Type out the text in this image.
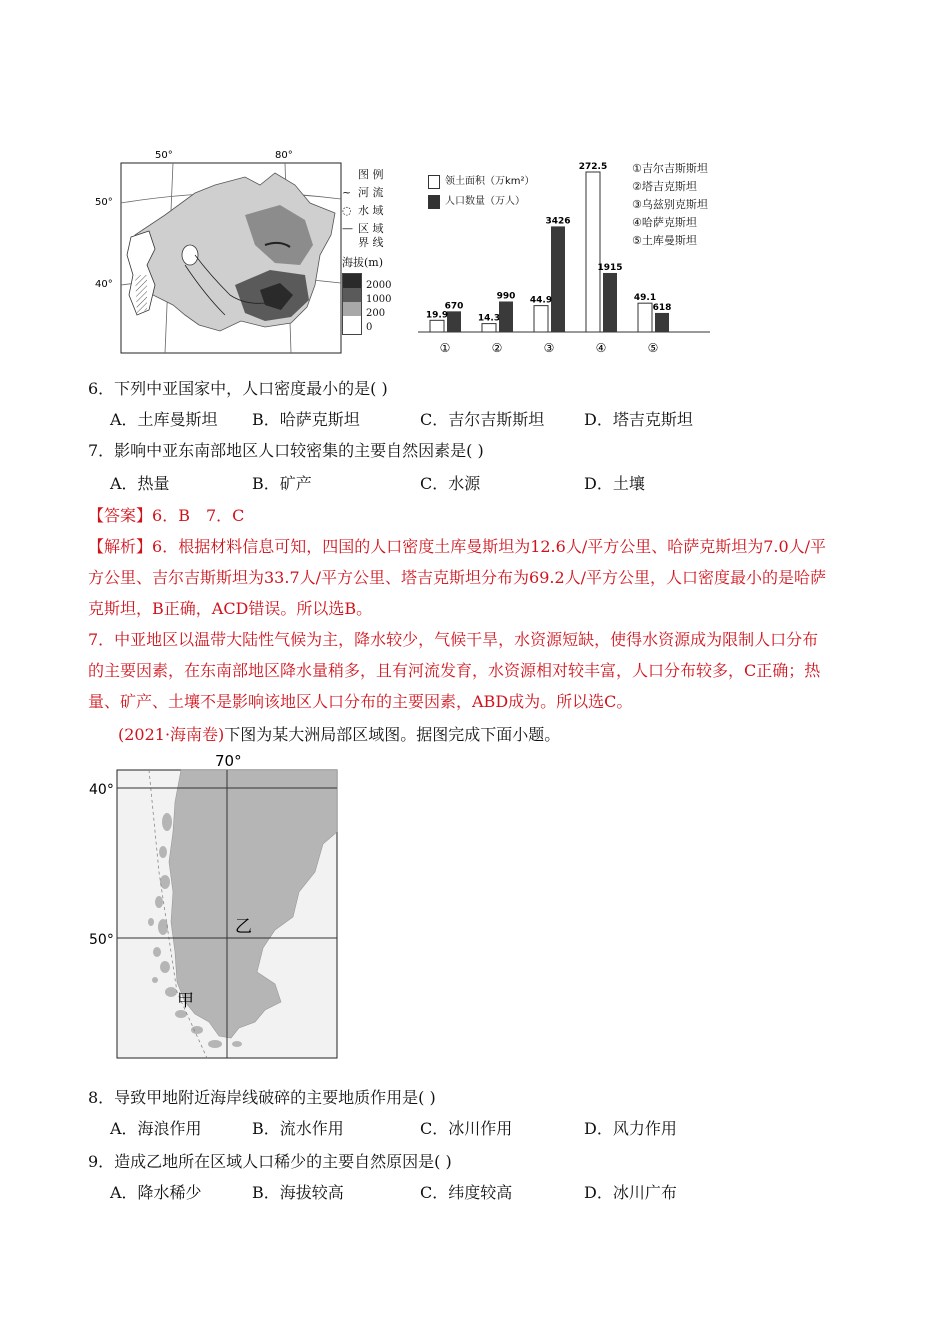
50°	80°
50°
40°
图 例
~ 河 流
◌ 水 域
— 区 域
界 线
海拔(m)
2000
1000
200
0
19.9
670
①
14.3
990
②
44.9
3426
③
272.5
1915
④
49.1
618
⑤
领土面积（万km²）
人口数量（万人）
①吉尔吉斯斯坦
②塔吉克斯坦
③乌兹别克斯坦
④哈萨克斯坦
⑤土库曼斯坦
6．下列中亚国家中，人口密度最小的是( )
A．土库曼斯坦 B．哈萨克斯坦	C．吉尔吉斯斯坦 D．塔吉克斯坦
7．影响中亚东南部地区人口较密集的主要自然因素是( )
A．热量	B．矿产	C．水源	D．土壤
【答案】6．B　7．C
【解析】6．根据材料信息可知，四国的人口密度土库曼斯坦为12.6人/平方公里、哈萨克斯坦为7.0人/平
方公里、吉尔吉斯斯坦为33.7人/平方公里、塔吉克斯坦分布为69.2人/平方公里，人口密度最小的是哈萨
克斯坦，B正确，ACD错误。所以选B。
7．中亚地区以温带大陆性气候为主，降水较少，气候干旱，水资源短缺，使得水资源成为限制人口分布
的主要因素，在东南部地区降水量稍多，且有河流发育，水资源相对较丰富，人口分布较多，C正确；热
量、矿产、土壤不是影响该地区人口分布的主要因素，ABD成为。所以选C。
(2021·海南卷)下图为某大洲局部区域图。据图完成下面小题。
70°
40°
50°
乙
甲
8．导致甲地附近海岸线破碎的主要地质作用是( )
A．海浪作用	B．流水作用	C．冰川作用	D．风力作用
9．造成乙地所在区域人口稀少的主要自然原因是( )
A．降水稀少	B．海拔较高	C．纬度较高	D．冰川广布
